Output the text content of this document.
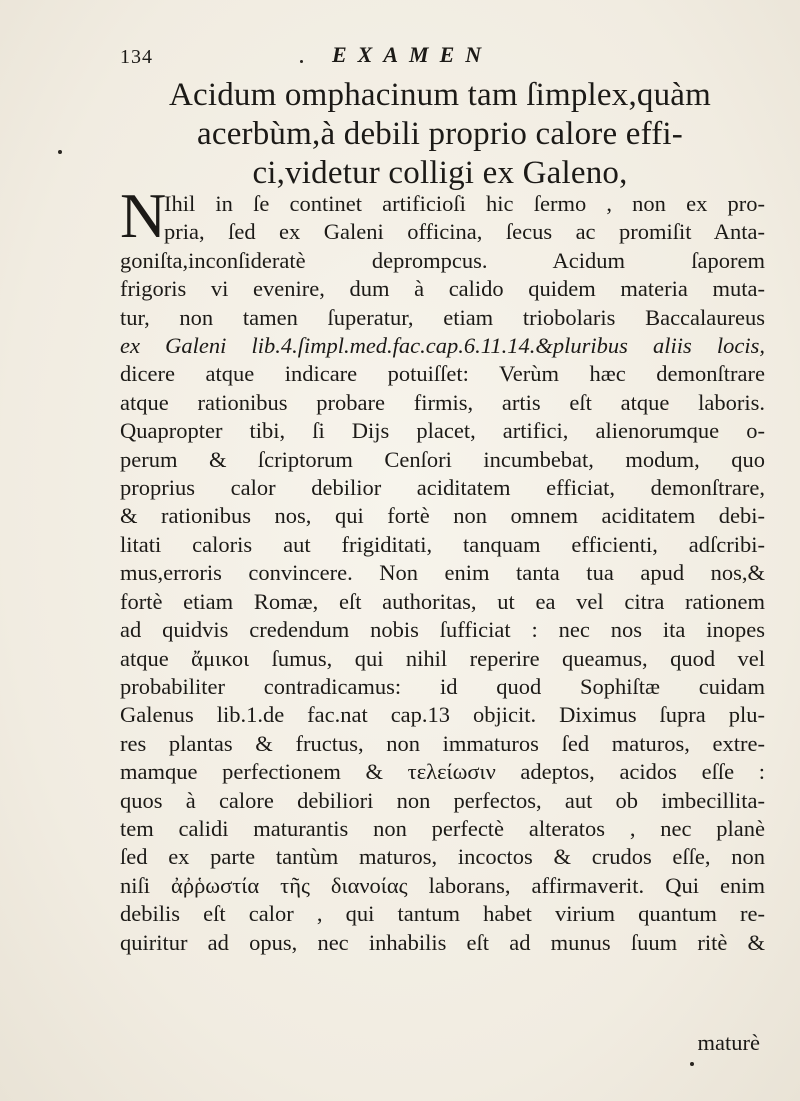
134	EXAMEN
Acidum omphacinum tam ſimplex,quàm
acerbùm,à debili proprio calore effi-
ci,videtur colligi ex Galeno,
N
Ihil in ſe continet artificioſi hic ſermo , non ex pro-
pria, ſed ex Galeni officina, ſecus ac promiſit Anta-
goniſta,inconſideratè deprompcus. Acidum ſaporem
frigoris vi evenire, dum à calido quidem materia muta-
tur, non tamen ſuperatur, etiam triobolaris Baccalaureus
ex Galeni lib.4.ſimpl.med.fac.cap.6.11.14.&pluribus aliis locis,
dicere atque indicare potuiſſet: Verùm hæc demonſtrare
atque rationibus probare firmis, artis eſt atque laboris.
Quapropter tibi, ſi Dijs placet, artifici, alienorumque o-
perum & ſcriptorum Cenſori incumbebat, modum, quo
proprius calor debilior aciditatem efficiat, demonſtrare,
& rationibus nos, qui fortè non omnem aciditatem debi-
litati caloris aut frigiditati, tanquam efficienti, adſcribi-
mus,erroris convincere. Non enim tanta tua apud nos,&
fortè etiam Romæ, eſt authoritas, ut ea vel citra rationem
ad quidvis credendum nobis ſufficiat : nec nos ita inopes
atque ἄμικοι ſumus, qui nihil reperire queamus, quod vel
probabiliter contradicamus: id quod Sophiſtæ cuidam
Galenus lib.1.de fac.nat cap.13 objicit. Diximus ſupra plu-
res plantas & fructus, non immaturos ſed maturos, extre-
mamque perfectionem & τελείωσιν adeptos, acidos eſſe :
quos à calore debiliori non perfectos, aut ob imbecillita-
tem calidi maturantis non perfectè alteratos , nec planè
ſed ex parte tantùm maturos, incoctos & crudos eſſe, non
niſi ἀῤῥωστία τῆς διανοίας laborans, affirmaverit. Qui enim
debilis eſt calor , qui tantum habet virium quantum re-
quiritur ad opus, nec inhabilis eſt ad munus ſuum ritè &
maturè
